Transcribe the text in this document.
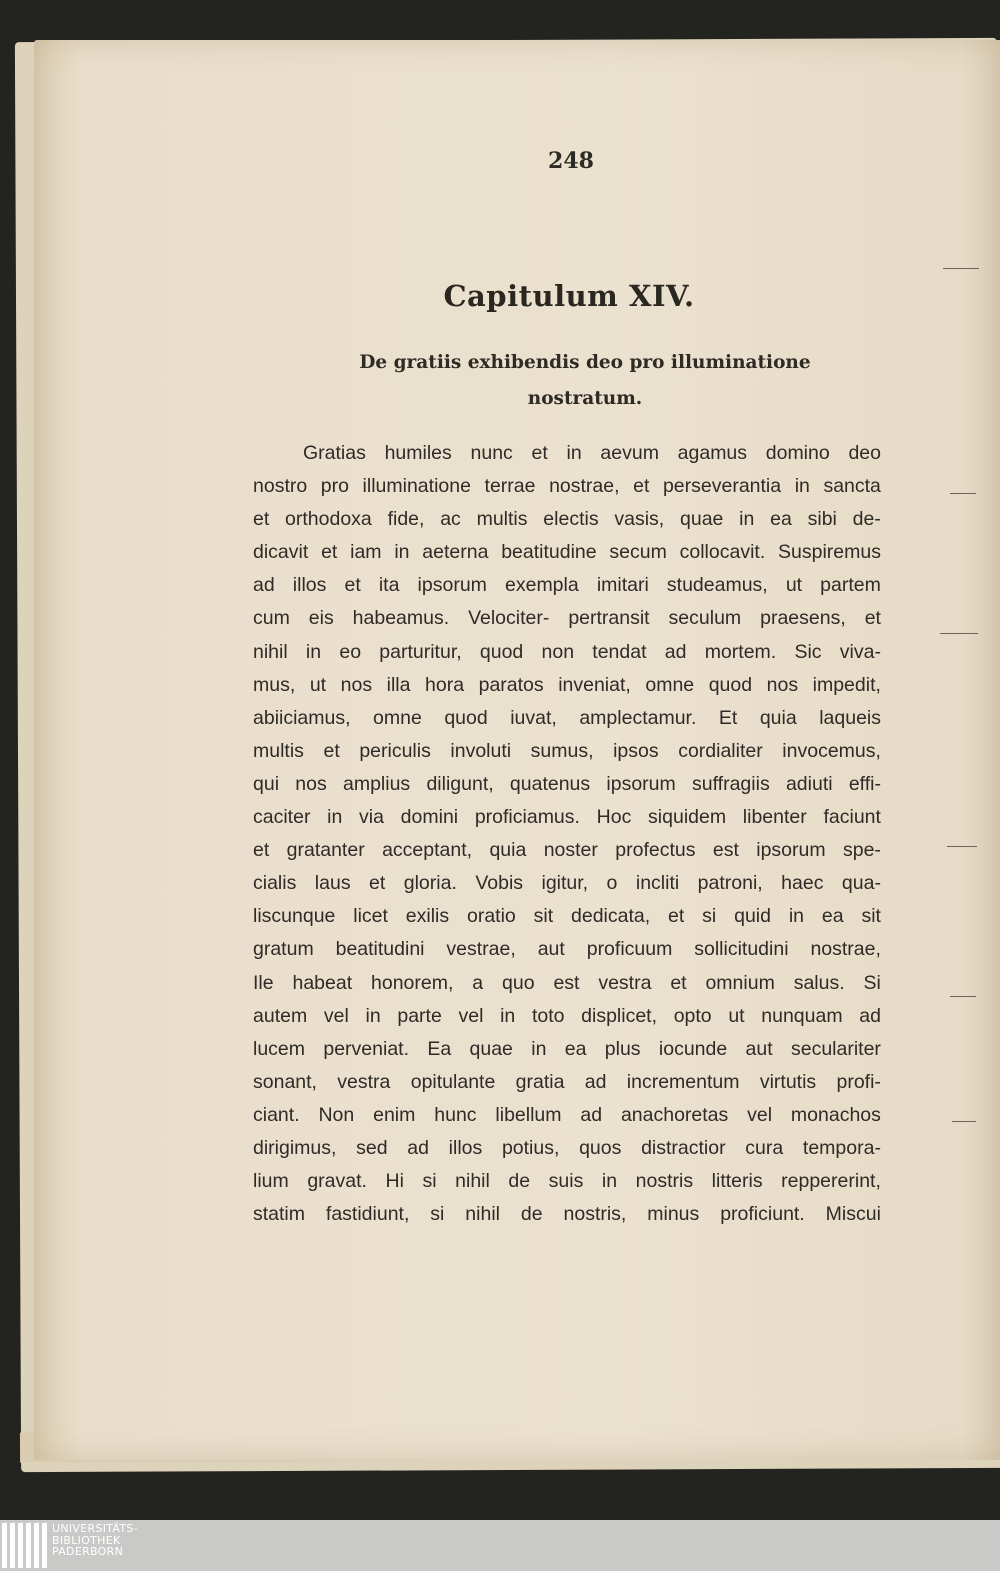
248
Capitulum XIV.
De gratiis exhibendis deo pro illuminatione
nostratum.
Gratias humiles nunc et in aevum agamus domino deo
nostro pro illuminatione terrae nostrae, et perseverantia in sancta
et orthodoxa fide, ac multis electis vasis, quae in ea sibi de-
dicavit et iam in aeterna beatitudine secum collocavit. Suspiremus
ad illos et ita ipsorum exempla imitari studeamus, ut partem
cum eis habeamus. Velociter- pertransit seculum praesens, et
nihil in eo parturitur, quod non tendat ad mortem. Sic viva-
mus, ut nos illa hora paratos inveniat, omne quod nos impedit,
abiiciamus, omne quod iuvat, amplectamur. Et quia laqueis
multis et periculis involuti sumus, ipsos cordialiter invocemus,
qui nos amplius diligunt, quatenus ipsorum suffragiis adiuti effi-
caciter in via domini proficiamus. Hoc siquidem libenter faciunt
et gratanter acceptant, quia noster profectus est ipsorum spe-
cialis laus et gloria. Vobis igitur, o incliti patroni, haec qua-
liscunque licet exilis oratio sit dedicata, et si quid in ea sit
gratum beatitudini vestrae, aut proficuum sollicitudini nostrae,
Ile habeat honorem, a quo est vestra et omnium salus. Si
autem vel in parte vel in toto displicet, opto ut nunquam ad
lucem perveniat. Ea quae in ea plus iocunde aut seculariter
sonant, vestra opitulante gratia ad incrementum virtutis profi-
ciant. Non enim hunc libellum ad anachoretas vel monachos
dirigimus, sed ad illos potius, quos distractior cura tempora-
lium gravat. Hi si nihil de suis in nostris litteris reppererint,
statim fastidiunt, si nihil de nostris, minus proficiunt. Miscui
UNIVERSITÄTS-
BIBLIOTHEK
PADERBORN
